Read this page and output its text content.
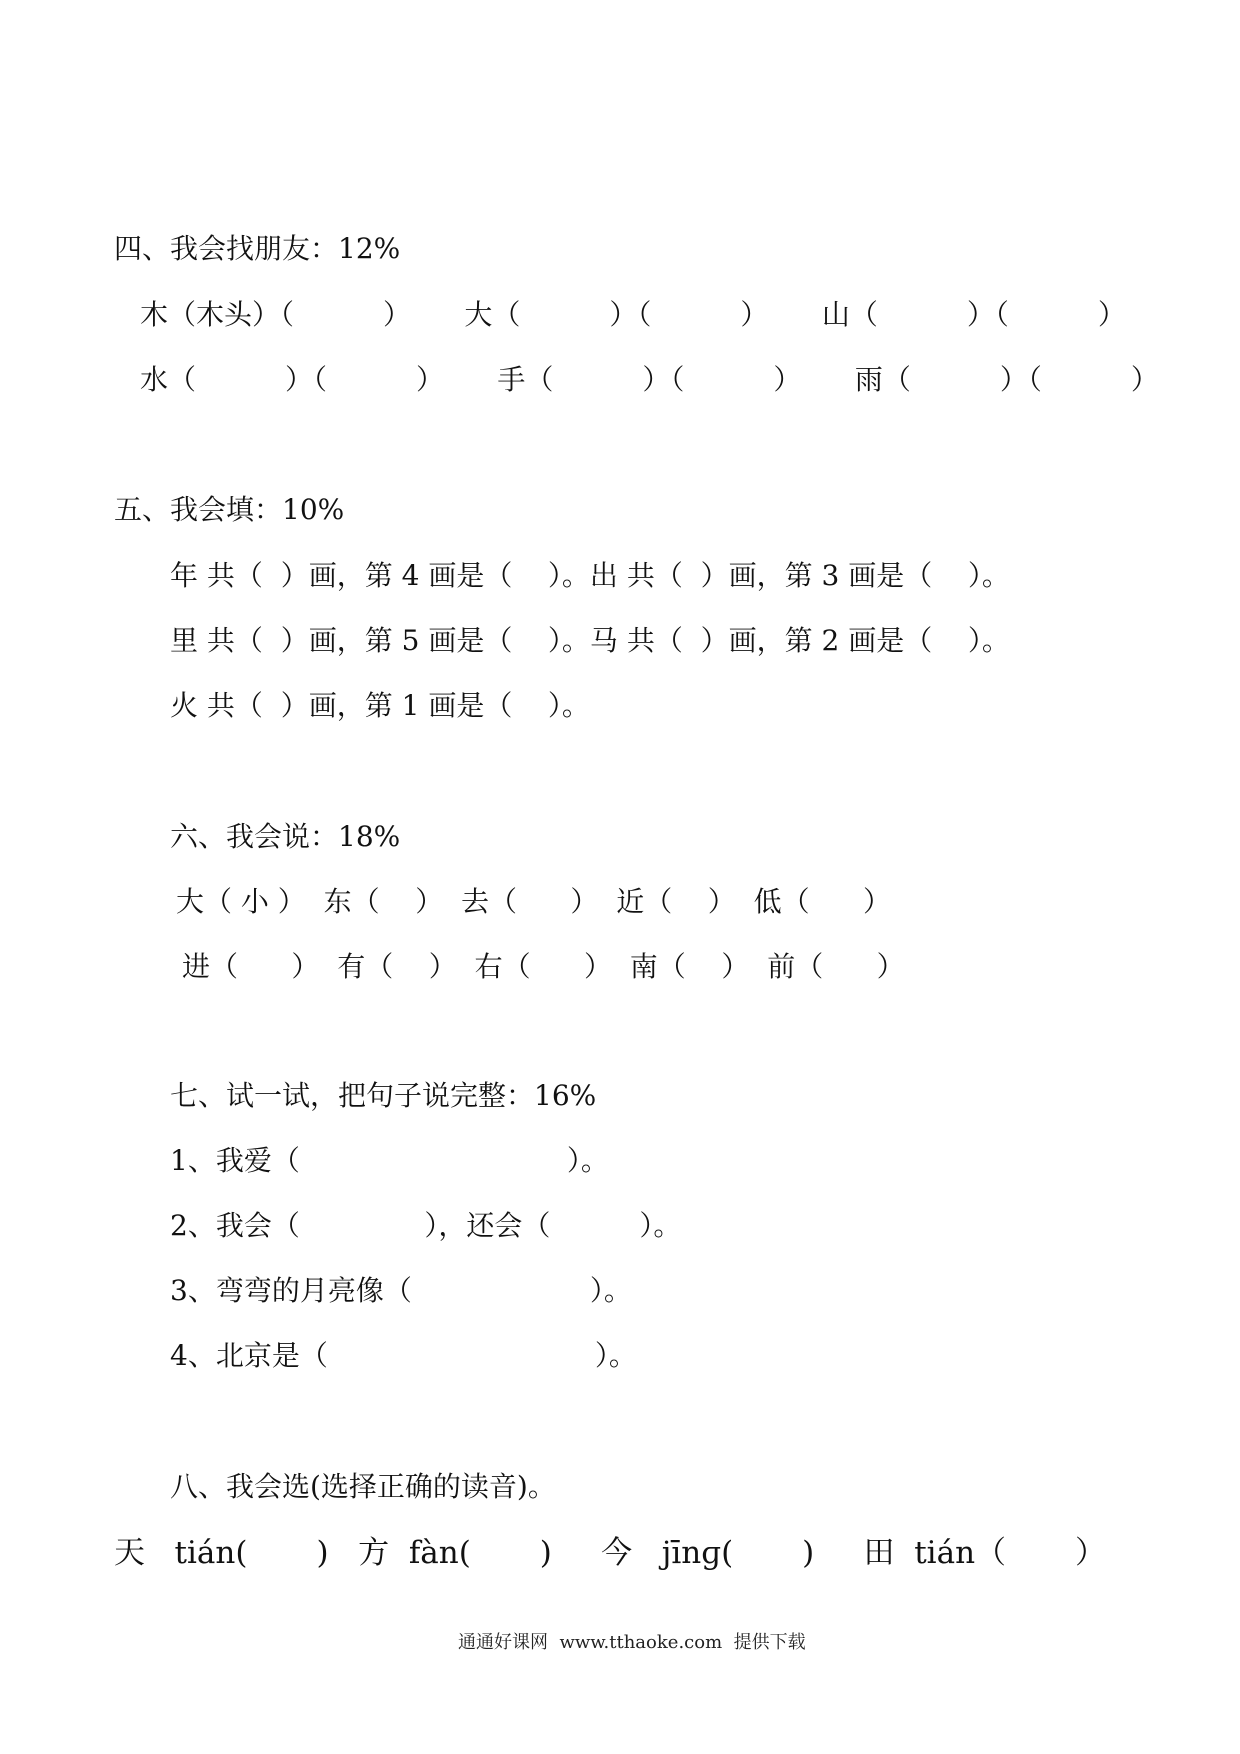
四、我会找朋友：12%
木（木头）（          ）      大（          ）（          ）      山（          ）（          ）
水（          ）（          ）      手（          ）（          ）      雨（          ）（          ）
五、我会填：10%
年 共（  ）画，第 4 画是（    ）。出 共（  ）画，第 3 画是（    ）。
里 共（  ）画，第 5 画是（    ）。马 共（  ）画，第 2 画是（    ）。
火 共（  ）画，第 1 画是（    ）。
六、我会说：18%
大（ 小 ）  东（    ）  去（      ）  近（    ）  低（      ）
进（      ）  有（    ）  右（      ）  南（    ）  前（      ）
七、试一试，把句子说完整：16%
1、我爱（                              ）。
2、我会（              ），还会（          ）。
3、弯弯的月亮像（                    ）。
4、北京是（                              ）。
八、我会选(选择正确的读音)。
天   tián(       )   方  fàn(       )     今   jīnɡ(       )     田  tián（       ）
通通好课网  www.tthaoke.com  提供下载
